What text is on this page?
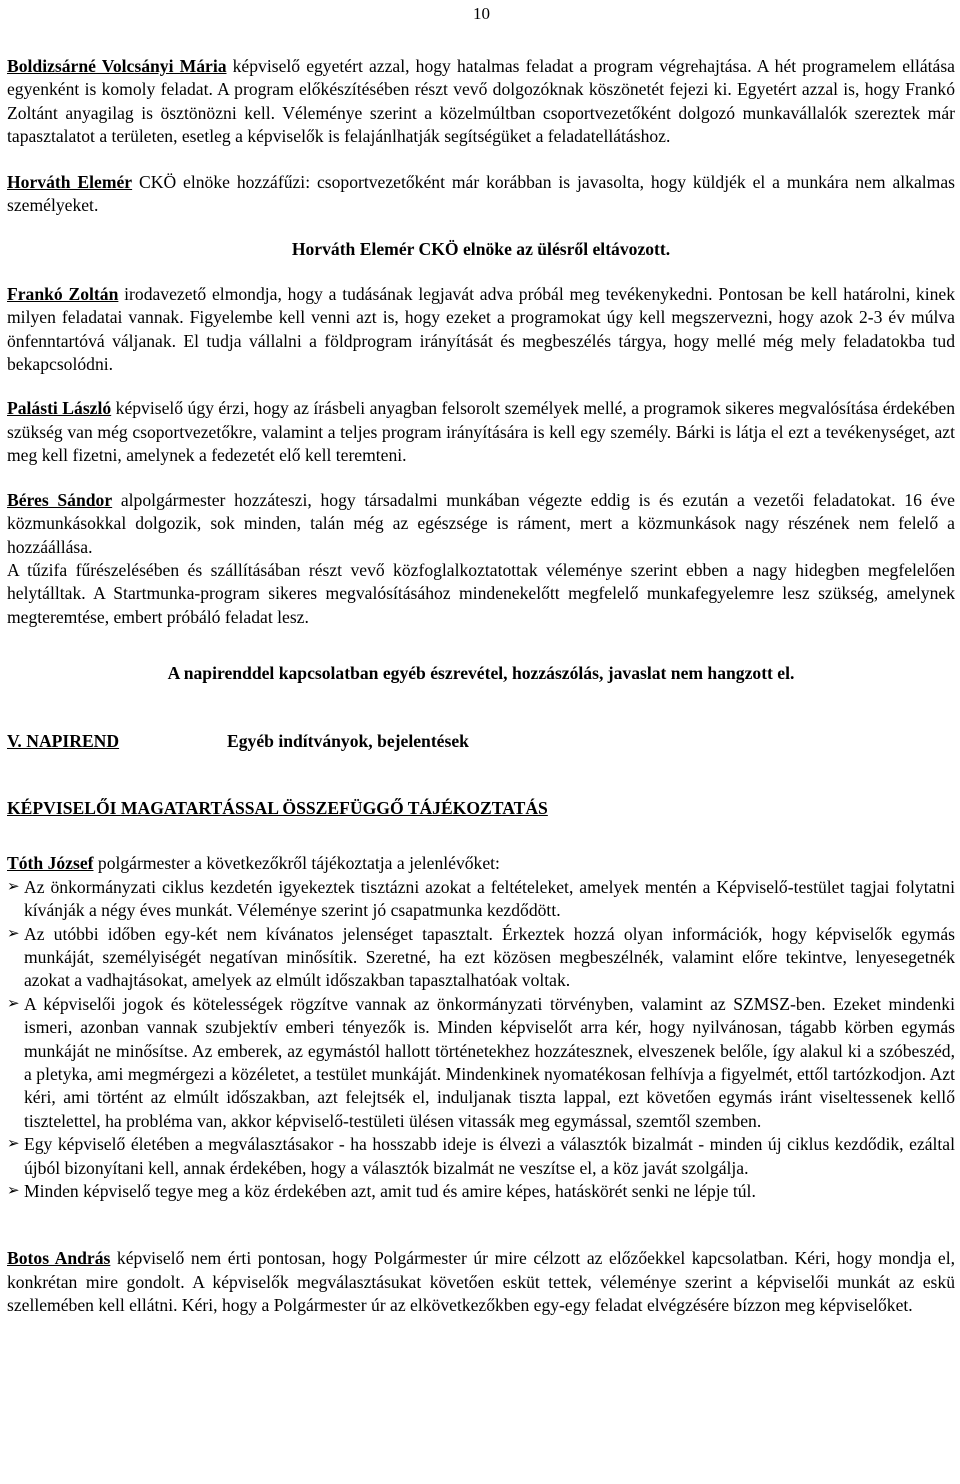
10

Boldizsárné Volcsányi Mária képviselő egyetért azzal, hogy hatalmas feladat a program végrehajtása. A hét programelem ellátása egyenként is komoly feladat. A program előkészítésében részt vevő dolgozóknak köszönetét fejezi ki. Egyetért azzal is, hogy Frankó Zoltánt anyagilag is ösztönözni kell. Véleménye szerint a közelmúltban csoportvezetőként dolgozó munkavállalók szereztek már tapasztalatot a területen, esetleg a képviselők is felajánlhatják segítségüket a feladatellátáshoz.

Horváth Elemér CKÖ elnöke hozzáfűzi: csoportvezetőként már korábban is javasolta, hogy küldjék el a munkára nem alkalmas személyeket.

Horváth Elemér CKÖ elnöke az ülésről eltávozott.

Frankó Zoltán irodavezető elmondja, hogy a tudásának legjavát adva próbál meg tevékenykedni. Pontosan be kell határolni, kinek milyen feladatai vannak. Figyelembe kell venni azt is, hogy ezeket a programokat úgy kell megszervezni, hogy azok 2-3 év múlva önfenntartóvá váljanak. El tudja vállalni a földprogram irányítását és megbeszélés tárgya, hogy mellé még mely feladatokba tud bekapcsolódni.

Palásti László képviselő úgy érzi, hogy az írásbeli anyagban felsorolt személyek mellé, a programok sikeres megvalósítása érdekében szükség van még csoportvezetőkre, valamint a teljes program irányítására is kell egy személy. Bárki is látja el ezt a tevékenységet, azt meg kell fizetni, amelynek a fedezetét elő kell teremteni.

Béres Sándor alpolgármester hozzáteszi, hogy társadalmi munkában végezte eddig is és ezután a vezetői feladatokat. 16 éve közmunkásokkal dolgozik, sok minden, talán még az egészsége is ráment, mert a közmunkások nagy részének nem felelő a hozzáállása.

A tűzifa fűrészelésében és szállításában részt vevő közfoglalkoztatottak véleménye szerint ebben a nagy hidegben megfelelően helytálltak. A Startmunka-program sikeres megvalósításához mindenekelőtt megfelelő munkafegyelemre lesz szükség, amelynek megteremtése, embert próbáló feladat lesz.

A napirenddel kapcsolatban egyéb észrevétel, hozzászólás, javaslat nem hangzott el.

V. NAPIREND	Egyéb indítványok, bejelentések

KÉPVISELŐI MAGATARTÁSSAL ÖSSZEFÜGGŐ TÁJÉKOZTATÁS

Tóth József polgármester a következőkről tájékoztatja a jelenlévőket:

➢ Az önkormányzati ciklus kezdetén igyekeztek tisztázni azokat a feltételeket, amelyek mentén a Képviselő-testület tagjai folytatni kívánják a négy éves munkát. Véleménye szerint jó csapatmunka kezdődött.
➢ Az utóbbi időben egy-két nem kívánatos jelenséget tapasztalt. Érkeztek hozzá olyan információk, hogy képviselők egymás munkáját, személyiségét negatívan minősítik. Szeretné, ha ezt közösen megbeszélnék, valamint előre tekintve, lenyesegetnék azokat a vadhajtásokat, amelyek az elmúlt időszakban tapasztalhatóak voltak.
➢ A képviselői jogok és kötelességek rögzítve vannak az önkormányzati törvényben, valamint az SZMSZ-ben. Ezeket mindenki ismeri, azonban vannak szubjektív emberi tényezők is. Minden képviselőt arra kér, hogy nyilvánosan, tágabb körben egymás munkáját ne minősítse. Az emberek, az egymástól hallott történetekhez hozzátesznek, elveszenek belőle, így alakul ki a szóbeszéd, a pletyka, ami megmérgezi a közéletet, a testület munkáját. Mindenkinek nyomatékosan felhívja a figyelmét, ettől tartózkodjon. Azt kéri, ami történt az elmúlt időszakban, azt felejtsék el, induljanak tiszta lappal, ezt követően egymás iránt viseltessenek kellő tisztelettel, ha probléma van, akkor képviselő-testületi ülésen vitassák meg egymással, szemtől szemben.
➢ Egy képviselő életében a megválasztásakor - ha hosszabb ideje is élvezi a választók bizalmát - minden új ciklus kezdődik, ezáltal újból bizonyítani kell, annak érdekében, hogy a választók bizalmát ne veszítse el, a köz javát szolgálja.
➢ Minden képviselő tegye meg a köz érdekében azt, amit tud és amire képes, hatáskörét senki ne lépje túl.

Botos András képviselő nem érti pontosan, hogy Polgármester úr mire célzott az előzőekkel kapcsolatban. Kéri, hogy mondja el, konkrétan mire gondolt. A képviselők megválasztásukat követően esküt tettek, véleménye szerint a képviselői munkát az eskü szellemében kell ellátni. Kéri, hogy a Polgármester úr az elkövetkezőkben egy-egy feladat elvégzésére bízzon meg képviselőket.
